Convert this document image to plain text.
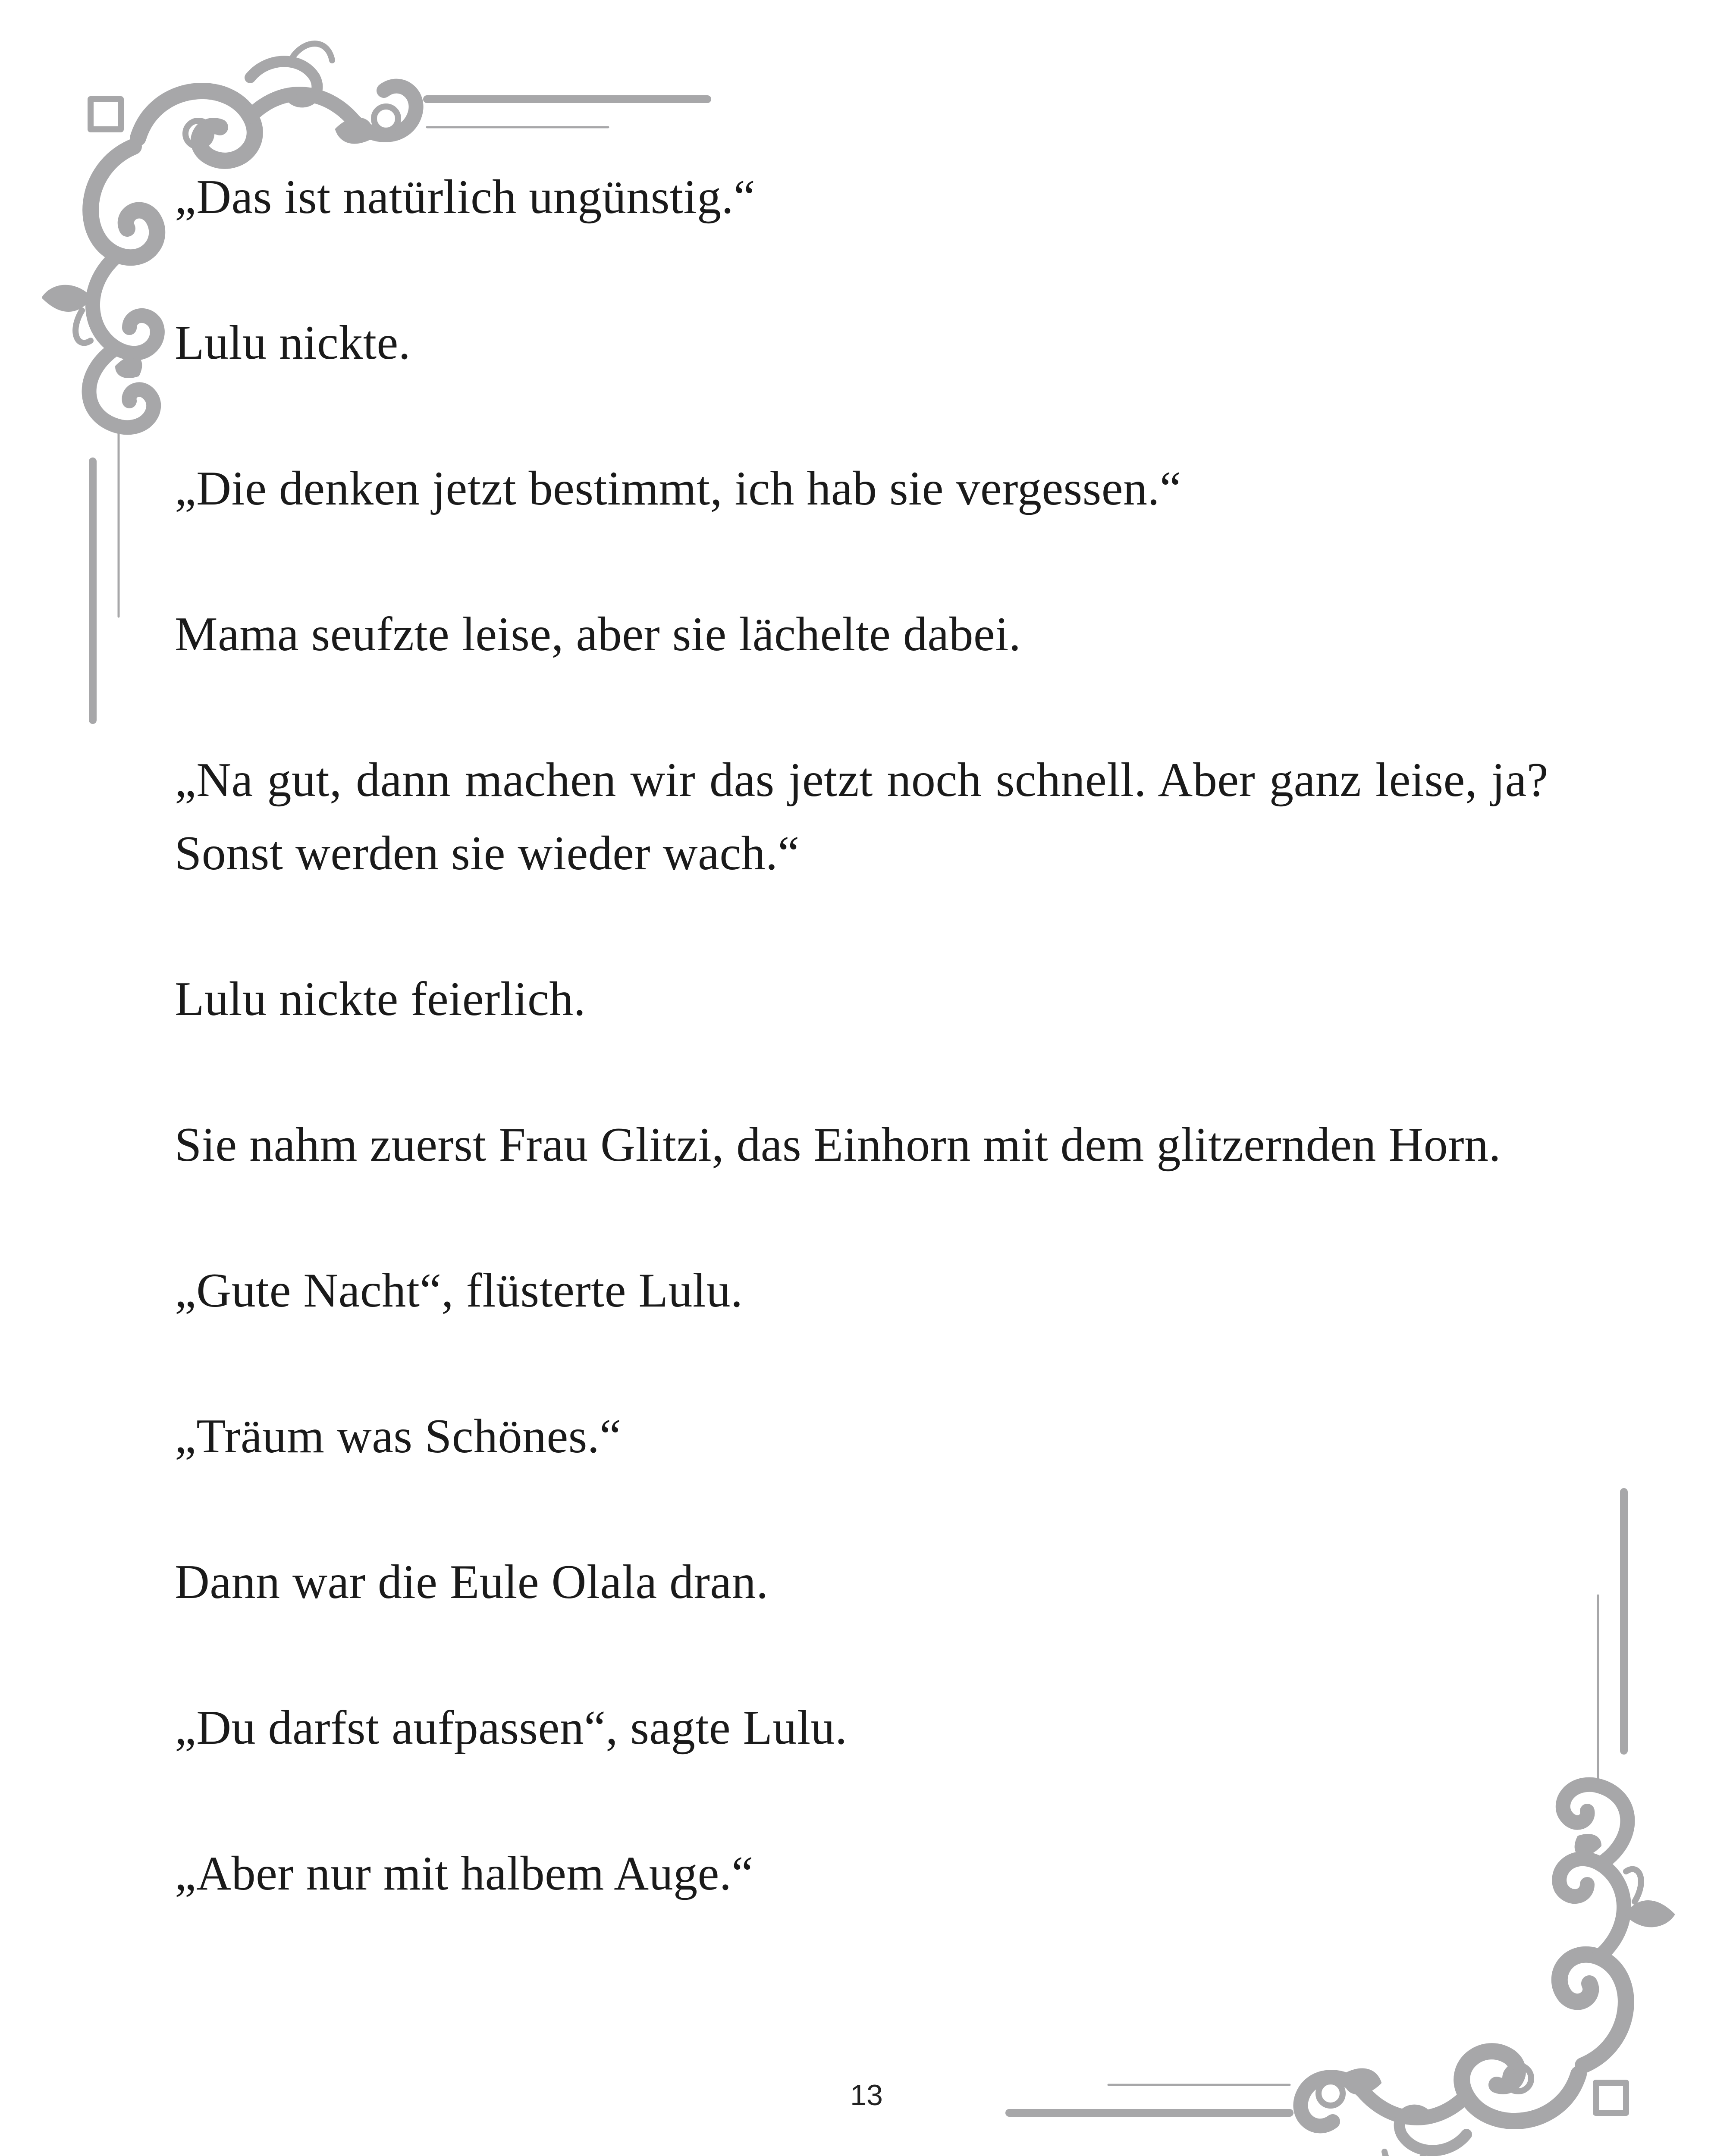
„Das ist natürlich ungünstig.“

Lulu nickte.

„Die denken jetzt bestimmt, ich hab sie vergessen.“

Mama seufzte leise, aber sie lächelte dabei.

„Na gut, dann machen wir das jetzt noch schnell. Aber ganz leise, ja? Sonst werden sie wieder wach.“

Lulu nickte feierlich.

Sie nahm zuerst Frau Glitzi, das Einhorn mit dem glitzernden Horn.

„Gute Nacht“, flüsterte Lulu.

„Träum was Schönes.“

Dann war die Eule Olala dran.

„Du darfst aufpassen“, sagte Lulu.

„Aber nur mit halbem Auge.“

13
